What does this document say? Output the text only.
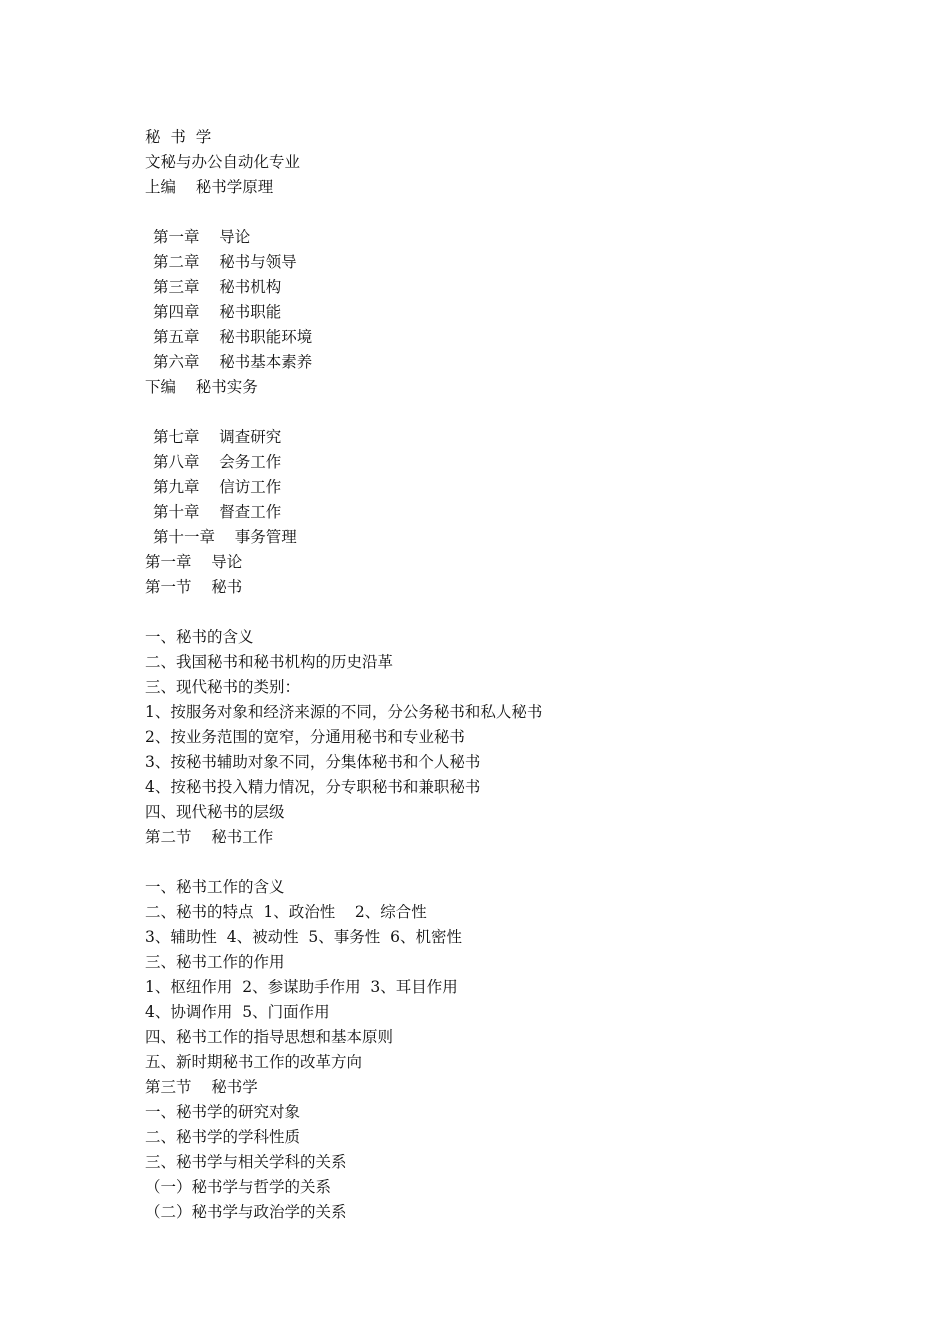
秘  书  学
文秘与办公自动化专业
上编    秘书学原理
第一章    导论
第二章    秘书与领导
第三章    秘书机构
第四章    秘书职能
第五章    秘书职能环境
第六章    秘书基本素养
下编    秘书实务
第七章    调查研究
第八章    会务工作
第九章    信访工作
第十章    督查工作
第十一章    事务管理
第一章    导论
第一节    秘书
一、秘书的含义
二、我国秘书和秘书机构的历史沿革
三、现代秘书的类别：
1、按服务对象和经济来源的不同，分公务秘书和私人秘书
2、按业务范围的宽窄，分通用秘书和专业秘书
3、按秘书辅助对象不同，分集体秘书和个人秘书
4、按秘书投入精力情况，分专职秘书和兼职秘书
四、现代秘书的层级
第二节    秘书工作
一、秘书工作的含义
二、秘书的特点  1、政治性    2、综合性
3、辅助性  4、被动性  5、事务性  6、机密性
三、秘书工作的作用
1、枢纽作用  2、参谋助手作用  3、耳目作用
4、协调作用  5、门面作用
四、秘书工作的指导思想和基本原则
五、新时期秘书工作的改革方向
第三节    秘书学
一、秘书学的研究对象
二、秘书学的学科性质
三、秘书学与相关学科的关系
（一）秘书学与哲学的关系
（二）秘书学与政治学的关系
